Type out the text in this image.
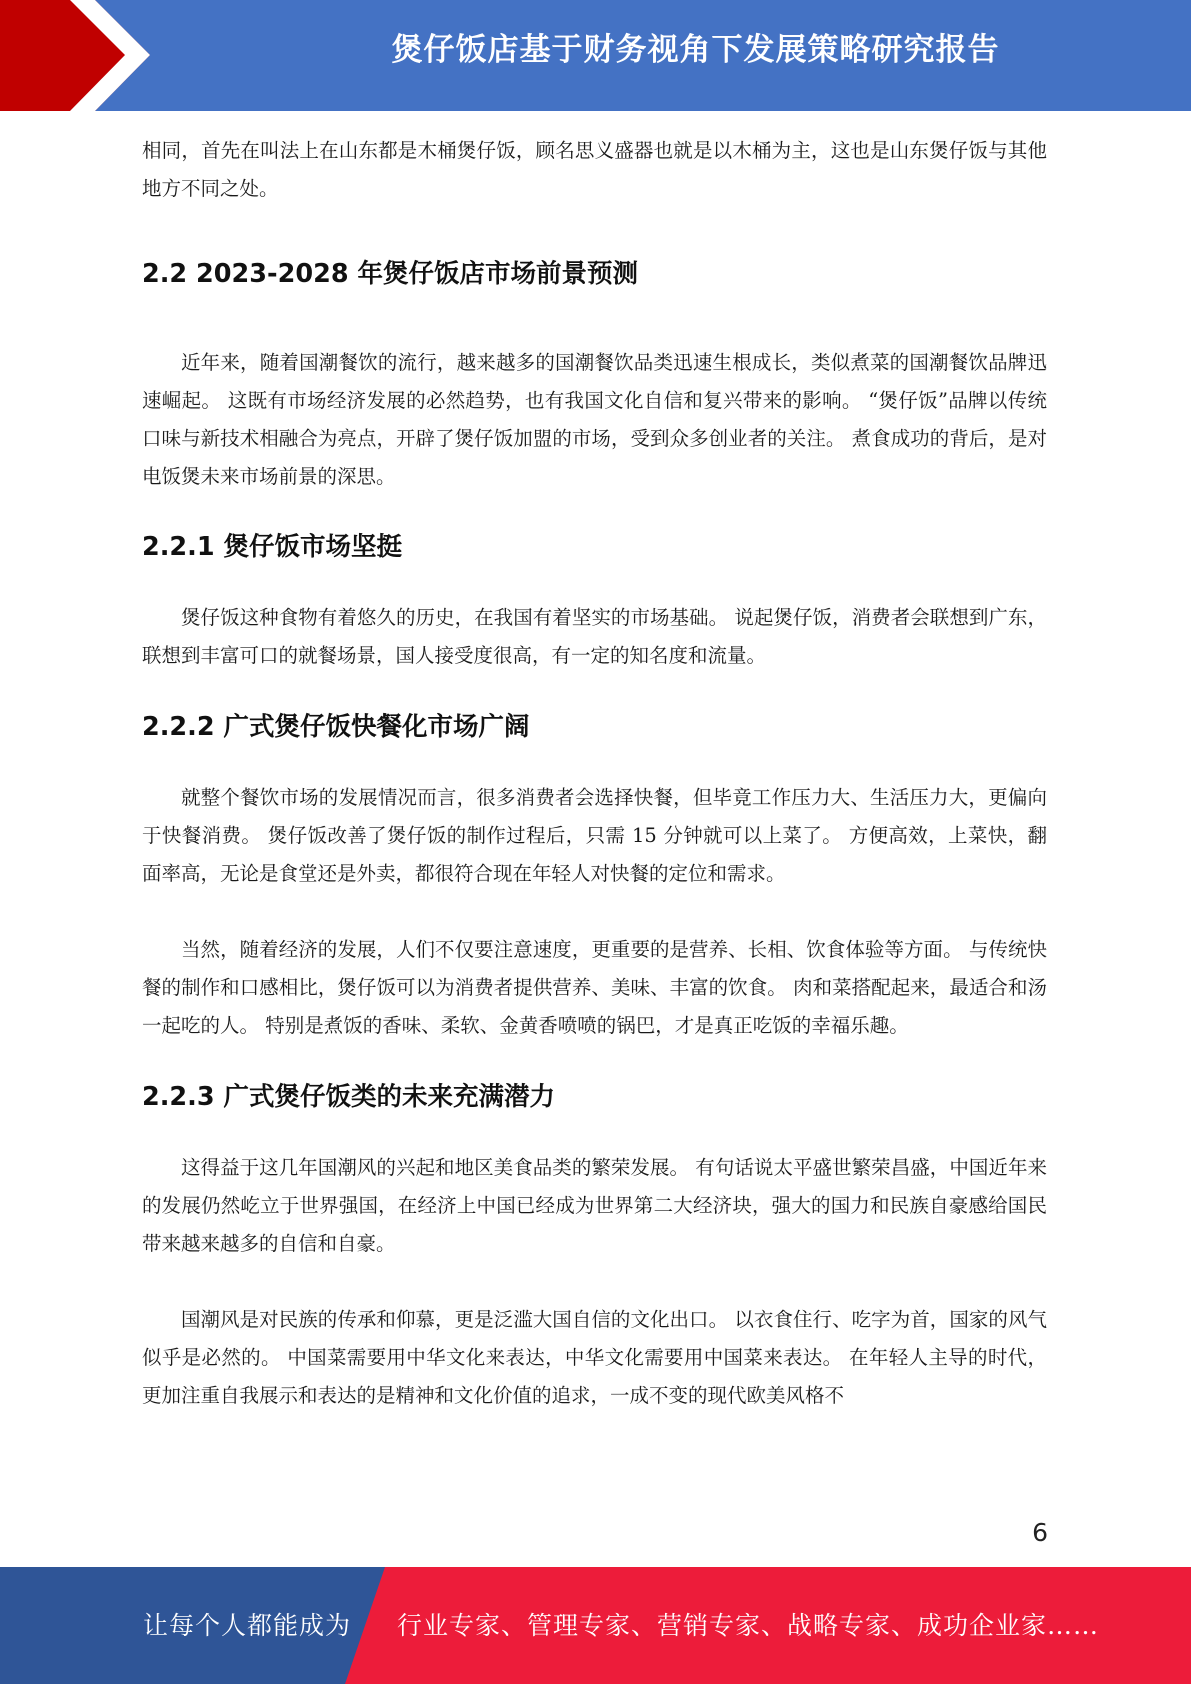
煲仔饭店基于财务视角下发展策略研究报告

相同，首先在叫法上在山东都是木桶煲仔饭，顾名思义盛器也就是以木桶为主，这也是山东煲仔饭与其他地方不同之处。

2.2 2023-2028 年煲仔饭店市场前景预测

近年来，随着国潮餐饮的流行，越来越多的国潮餐饮品类迅速生根成长，类似煮菜的国潮餐饮品牌迅速崛起。 这既有市场经济发展的必然趋势，也有我国文化自信和复兴带来的影响。 “煲仔饭”品牌以传统口味与新技术相融合为亮点，开辟了煲仔饭加盟的市场，受到众多创业者的关注。 煮食成功的背后，是对电饭煲未来市场前景的深思。

2.2.1 煲仔饭市场坚挺

煲仔饭这种食物有着悠久的历史，在我国有着坚实的市场基础。 说起煲仔饭，消费者会联想到广东，联想到丰富可口的就餐场景，国人接受度很高，有一定的知名度和流量。

2.2.2 广式煲仔饭快餐化市场广阔

就整个餐饮市场的发展情况而言，很多消费者会选择快餐，但毕竟工作压力大、生活压力大，更偏向于快餐消费。 煲仔饭改善了煲仔饭的制作过程后，只需 15 分钟就可以上菜了。 方便高效，上菜快，翻面率高，无论是食堂还是外卖，都很符合现在年轻人对快餐的定位和需求。

当然，随着经济的发展，人们不仅要注意速度，更重要的是营养、长相、饮食体验等方面。 与传统快餐的制作和口感相比，煲仔饭可以为消费者提供营养、美味、丰富的饮食。 肉和菜搭配起来，最适合和汤一起吃的人。 特别是煮饭的香味、柔软、金黄香喷喷的锅巴，才是真正吃饭的幸福乐趣。

2.2.3 广式煲仔饭类的未来充满潜力

这得益于这几年国潮风的兴起和地区美食品类的繁荣发展。 有句话说太平盛世繁荣昌盛，中国近年来的发展仍然屹立于世界强国，在经济上中国已经成为世界第二大经济块，强大的国力和民族自豪感给国民带来越来越多的自信和自豪。

国潮风是对民族的传承和仰慕，更是泛滥大国自信的文化出口。 以衣食住行、吃字为首，国家的风气似乎是必然的。 中国菜需要用中华文化来表达，中华文化需要用中国菜来表达。 在年轻人主导的时代，更加注重自我展示和表达的是精神和文化价值的追求，一成不变的现代欧美风格不

6
让每个人都能成为 行业专家、管理专家、营销专家、战略专家、成功企业家……
